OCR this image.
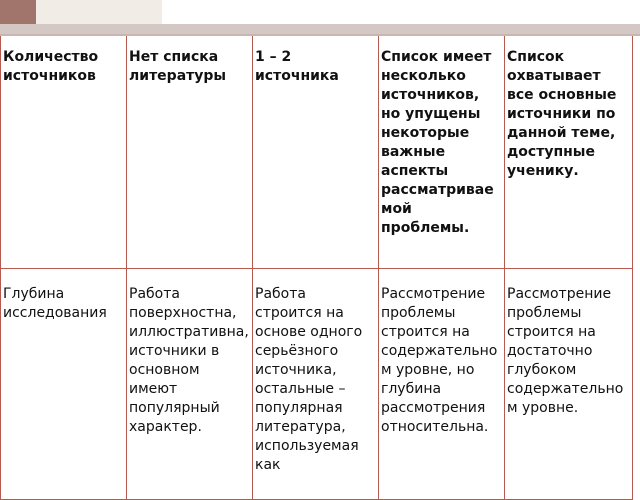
Количество источников	Нет списка литературы	1 – 2 источника	Список имеет несколько источников, но упущены некоторые важные аспекты рассматриваемой проблемы.	Список охватывает все основные источники по данной теме, доступные ученику.
Глубина исследования	Работа поверхностна, иллюстративна, источники в основном имеют популярный характер.	Работа строится на основе одного серьёзного источника, остальные – популярная литература, используемая как	Рассмотрение проблемы строится на содержательном уровне, но глубина рассмотрения относительна.	Рассмотрение проблемы строится на достаточно глубоком содержательном уровне.
